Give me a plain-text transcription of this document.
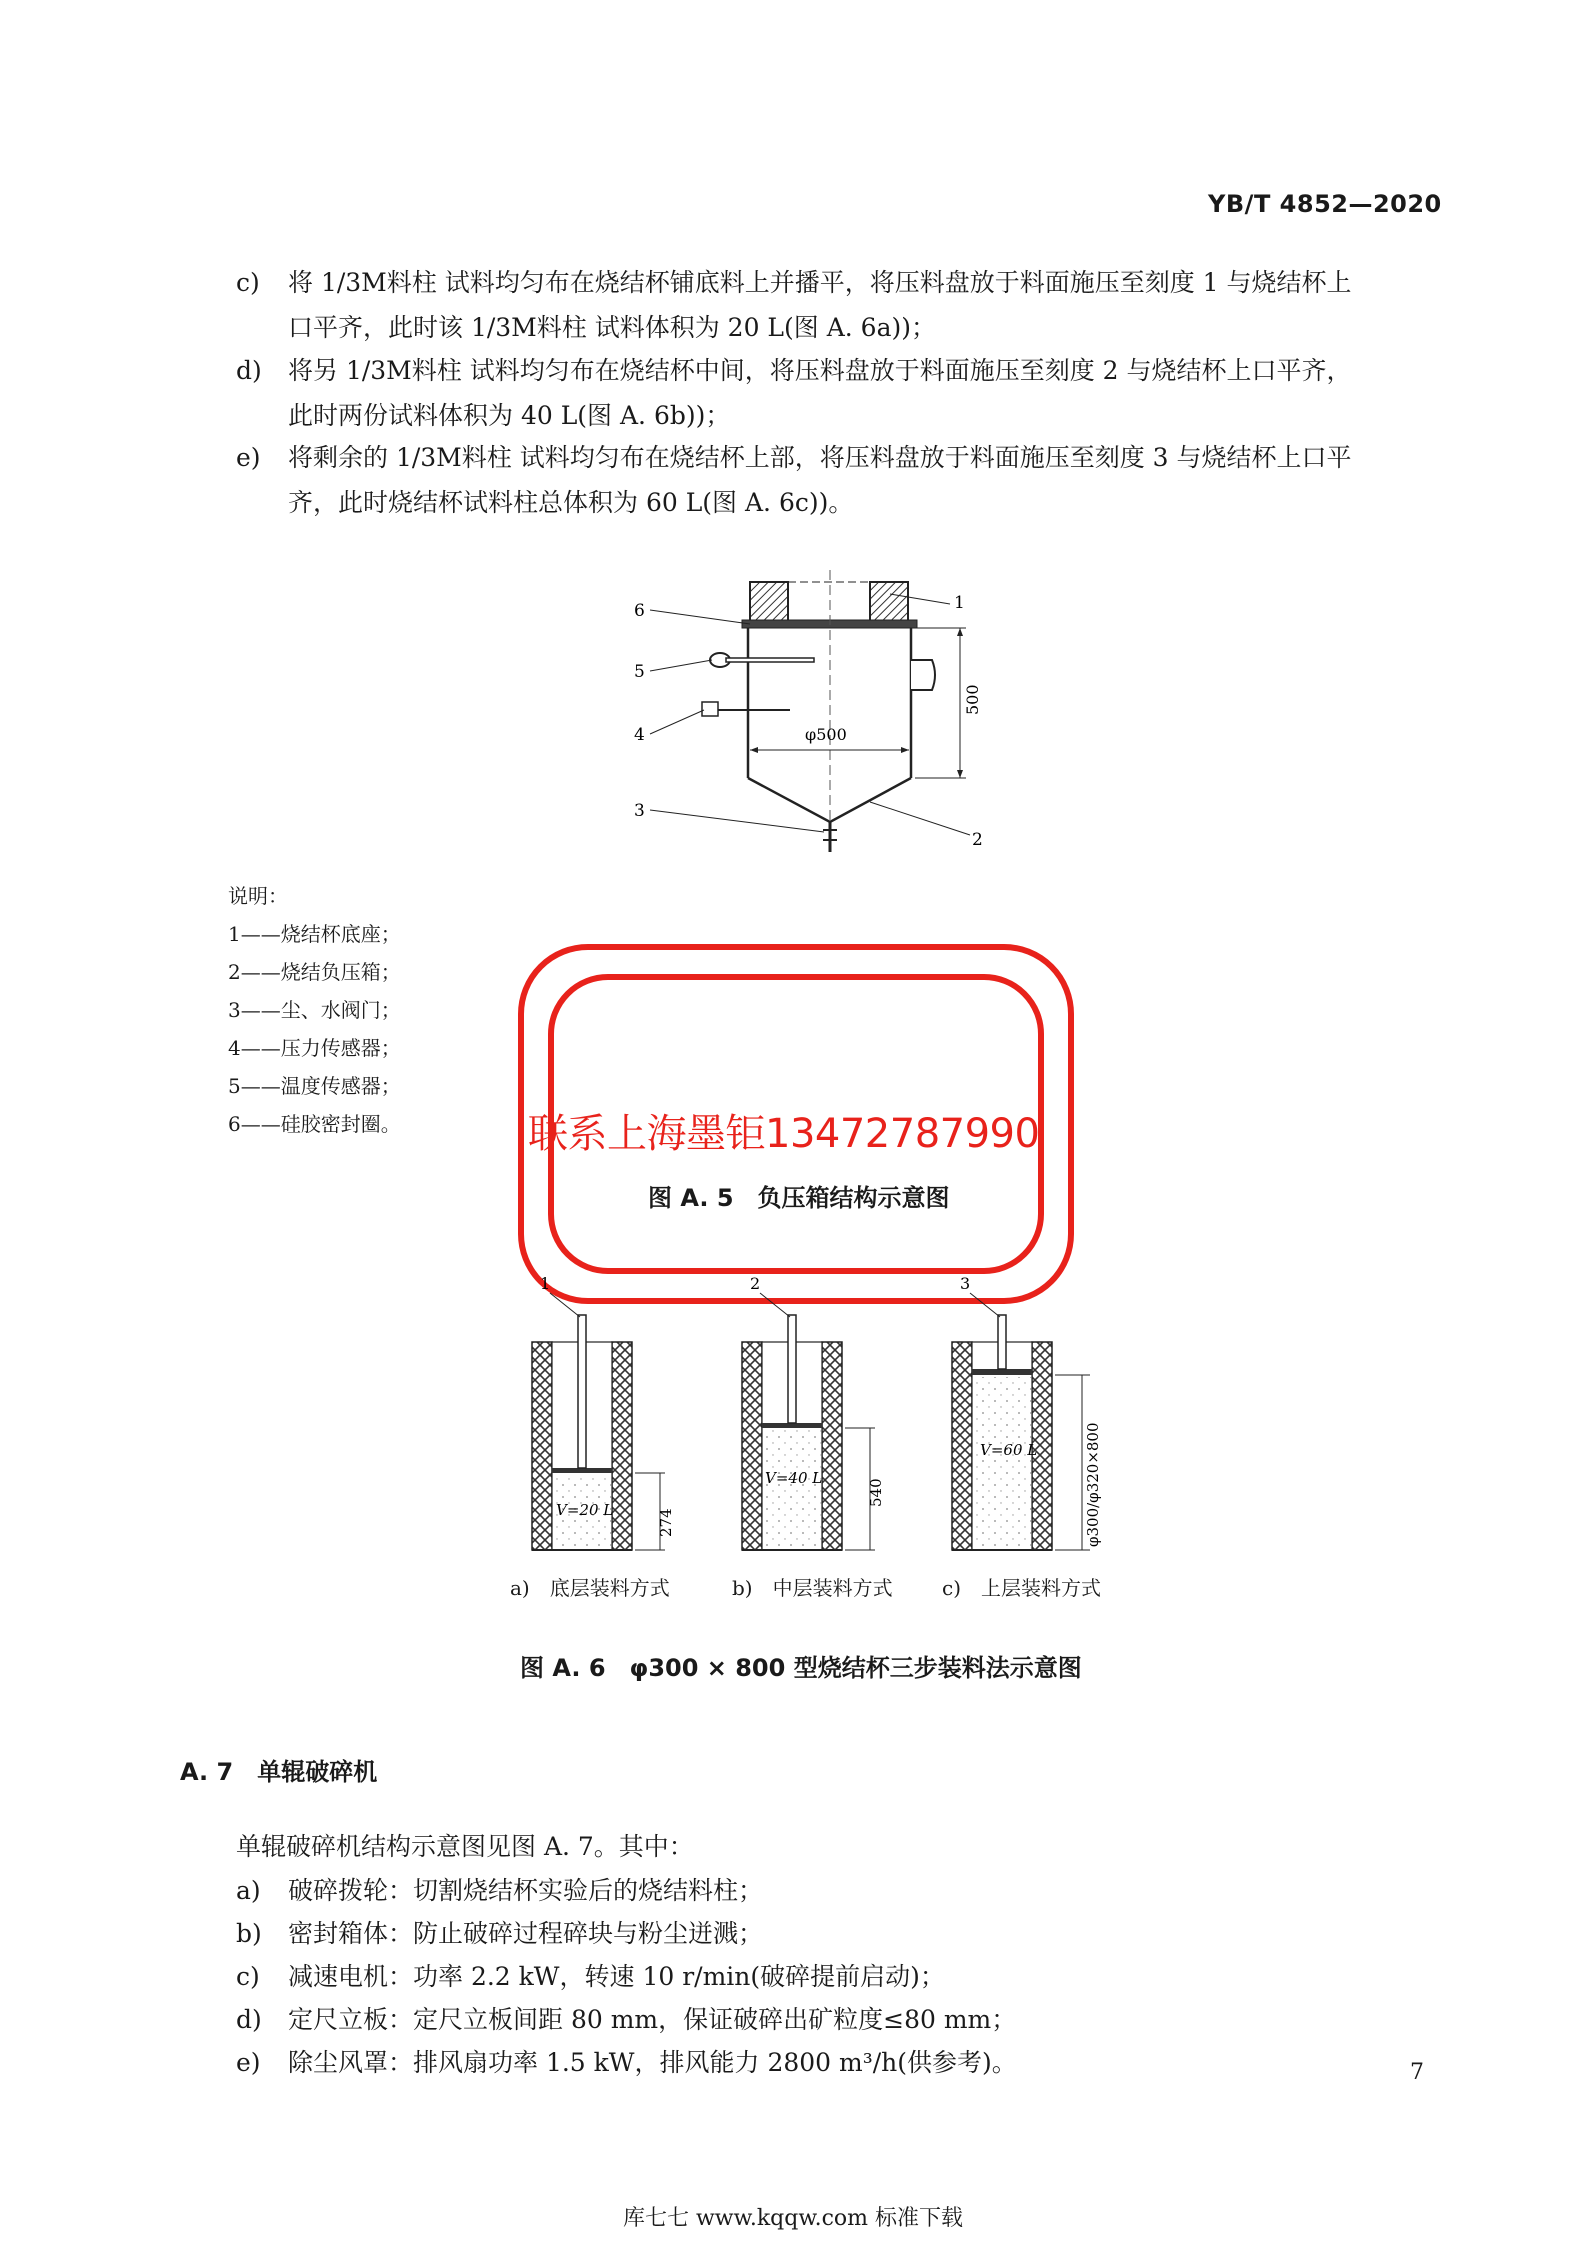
YB/T 4852—2020
c) 将 1/3M料柱 试料均匀布在烧结杯铺底料上并播平，将压料盘放于料面施压至刻度 1 与烧结杯上
口平齐，此时该 1/3M料柱 试料体积为 20 L(图 A. 6a))；
d) 将另 1/3M料柱 试料均匀布在烧结杯中间，将压料盘放于料面施压至刻度 2 与烧结杯上口平齐，
此时两份试料体积为 40 L(图 A. 6b))；
e) 将剩余的 1/3M料柱 试料均匀布在烧结杯上部，将压料盘放于料面施压至刻度 3 与烧结杯上口平
齐，此时烧结杯试料柱总体积为 60 L(图 A. 6c))。
φ500
500
1
2
3
4
5
6
说明：
1——烧结杯底座；
2——烧结负压箱；
3——尘、水阀门；
4——压力传感器；
5——温度传感器；
6——硅胶密封圈。	联系上海墨钜13472787990
图 A. 5　负压箱结构示意图
274
V=20 L
1
540
V=40 L
2
φ300/φ320×800
V=60 L
3
a)　底层装料方式	b)　中层装料方式 c)　上层装料方式
图 A. 6　φ300 × 800 型烧结杯三步装料法示意图
A. 7　单辊破碎机
单辊破碎机结构示意图见图 A. 7。其中：
a) 破碎拨轮：切割烧结杯实验后的烧结料柱；
b) 密封箱体：防止破碎过程碎块与粉尘迸溅；
c) 减速电机：功率 2.2 kW，转速 10 r/min(破碎提前启动)；
d) 定尺立板：定尺立板间距 80 mm，保证破碎出矿粒度≤80 mm；
e) 除尘风罩：排风扇功率 1.5 kW，排风能力 2800 m³/h(供参考)。	7
库七七 www.kqqw.com 标准下载
